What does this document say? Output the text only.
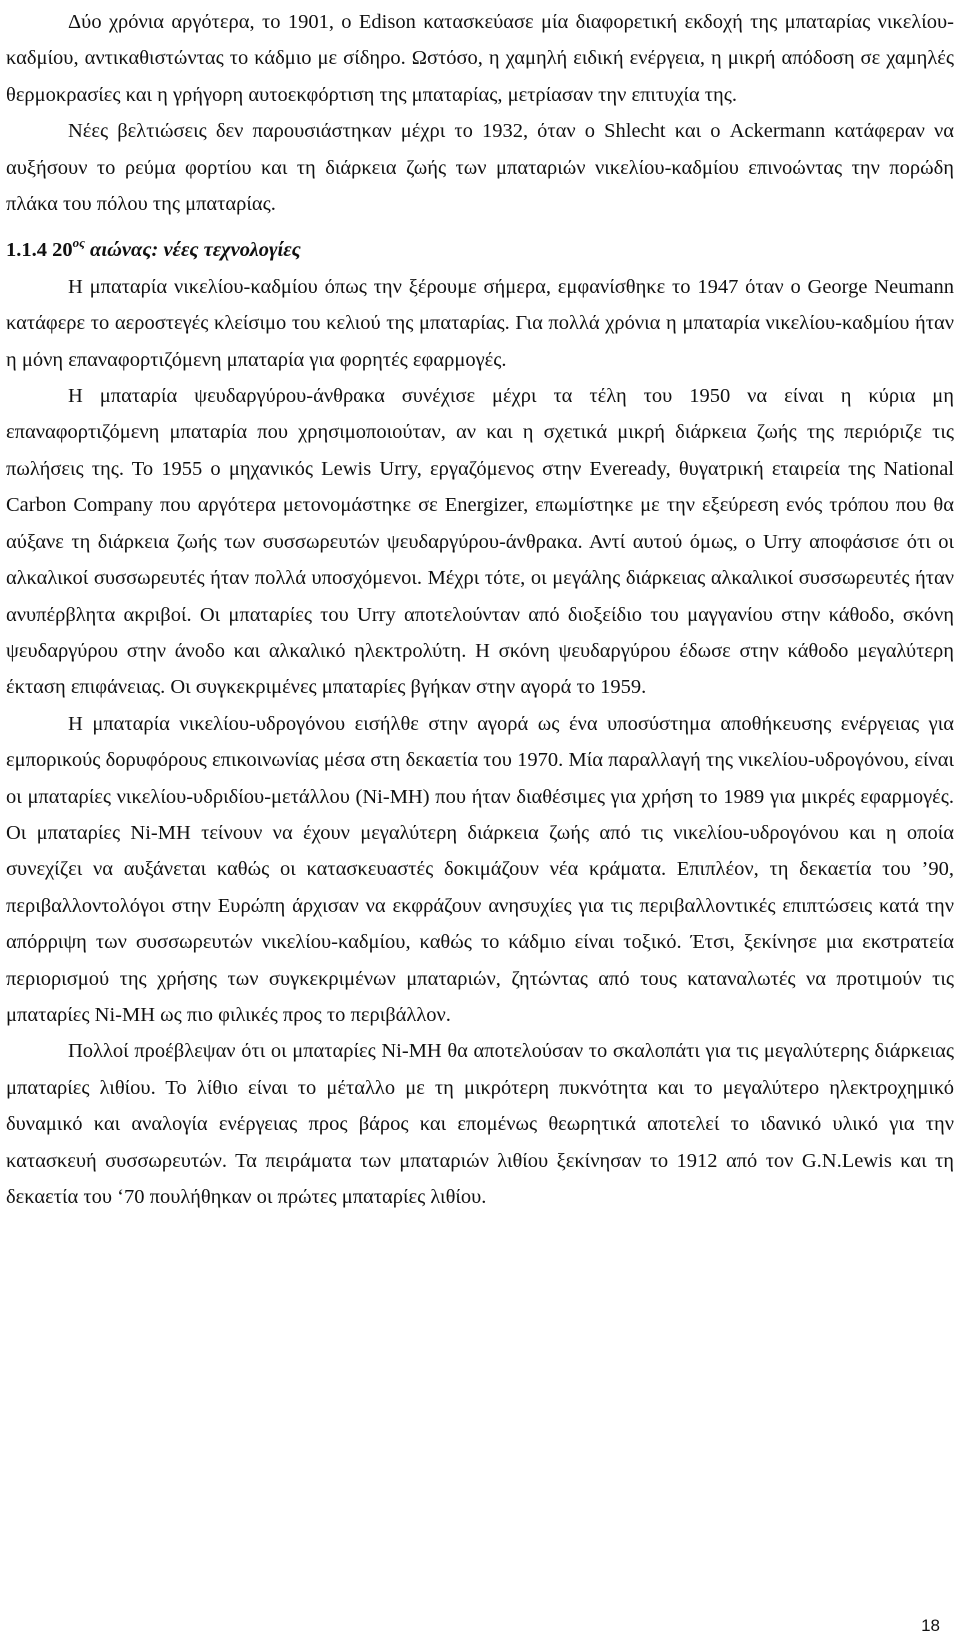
Δύο χρόνια αργότερα, το 1901, ο Edison κατασκεύασε μία διαφορετική εκδοχή της μπαταρίας νικελίου-καδμίου, αντικαθιστώντας το κάδμιο με σίδηρο. Ωστόσο, η χαμηλή ειδική ενέργεια, η μικρή απόδοση σε χαμηλές θερμοκρασίες και η γρήγορη αυτοεκφόρτιση της μπαταρίας, μετρίασαν την επιτυχία της.

Νέες βελτιώσεις δεν παρουσιάστηκαν μέχρι το 1932, όταν ο Shlecht και ο Ackermann κατάφεραν να αυξήσουν το ρεύμα φορτίου και τη διάρκεια ζωής των μπαταριών νικελίου-καδμίου επινοώντας την πορώδη πλάκα του πόλου της μπαταρίας.

1.1.4 $20^{o\varsigma}$ αιώνας: νέες τεχνολογίες

Η μπαταρία νικελίου-καδμίου όπως την ξέρουμε σήμερα, εμφανίσθηκε το 1947 όταν ο George Neumann κατάφερε το αεροστεγές κλείσιμο του κελιού της μπαταρίας. Για πολλά χρόνια η μπαταρία νικελίου-καδμίου ήταν η μόνη επαναφορτιζόμενη μπαταρία για φορητές εφαρμογές.

Η μπαταρία ψευδαργύρου-άνθρακα συνέχισε μέχρι τα τέλη του 1950 να είναι η κύρια μη επαναφορτιζόμενη μπαταρία που χρησιμοποιούταν, αν και η σχετικά μικρή διάρκεια ζωής της περιόριζε τις πωλήσεις της. Το 1955 ο μηχανικός Lewis Urry, εργαζόμενος στην Eveready, θυγατρική εταιρεία της National Carbon Company που αργότερα μετονομάστηκε σε Energizer, επωμίστηκε με την εξεύρεση ενός τρόπου που θα αύξανε τη διάρκεια ζωής των συσσωρευτών ψευδαργύρου-άνθρακα. Αντί αυτού όμως, ο Urry αποφάσισε ότι οι αλκαλικοί συσσωρευτές ήταν πολλά υποσχόμενοι. Μέχρι τότε, οι μεγάλης διάρκειας αλκαλικοί συσσωρευτές ήταν ανυπέρβλητα ακριβοί. Οι μπαταρίες του Urry αποτελούνταν από διοξείδιο του μαγγανίου στην κάθοδο, σκόνη ψευδαργύρου στην άνοδο και αλκαλικό ηλεκτρολύτη. Η σκόνη ψευδαργύρου έδωσε στην κάθοδο μεγαλύτερη έκταση επιφάνειας. Οι συγκεκριμένες μπαταρίες βγήκαν στην αγορά το 1959.

Η μπαταρία νικελίου-υδρογόνου εισήλθε στην αγορά ως ένα υποσύστημα αποθήκευσης ενέργειας για εμπορικούς δορυφόρους επικοινωνίας μέσα στη δεκαετία του 1970. Μία παραλλαγή της νικελίου-υδρογόνου, είναι οι μπαταρίες νικελίου-υδριδίου-μετάλλου (Ni-MH) που ήταν διαθέσιμες για χρήση το 1989 για μικρές εφαρμογές. Οι μπαταρίες Ni-MH τείνουν να έχουν μεγαλύτερη διάρκεια ζωής από τις νικελίου-υδρογόνου και η οποία συνεχίζει να αυξάνεται καθώς οι κατασκευαστές δοκιμάζουν νέα κράματα. Επιπλέον, τη δεκαετία του ’90, περιβαλλοντολόγοι στην Ευρώπη άρχισαν να εκφράζουν ανησυχίες για τις περιβαλλοντικές επιπτώσεις κατά την απόρριψη των συσσωρευτών νικελίου-καδμίου, καθώς το κάδμιο είναι τοξικό. Έτσι, ξεκίνησε μια εκστρατεία περιορισμού της χρήσης των συγκεκριμένων μπαταριών, ζητώντας από τους καταναλωτές να προτιμούν τις μπαταρίες Ni-MH ως πιο φιλικές προς το περιβάλλον.

Πολλοί προέβλεψαν ότι οι μπαταρίες Ni-MH θα αποτελούσαν το σκαλοπάτι για τις μεγαλύτερης διάρκειας μπαταρίες λιθίου. Το λίθιο είναι το μέταλλο με τη μικρότερη πυκνότητα και το μεγαλύτερο ηλεκτροχημικό δυναμικό και αναλογία ενέργειας προς βάρος και επομένως θεωρητικά αποτελεί το ιδανικό υλικό για την κατασκευή συσσωρευτών. Τα πειράματα των μπαταριών λιθίου ξεκίνησαν το 1912 από τον G.N.Lewis και τη δεκαετία του ‘70 πουλήθηκαν οι πρώτες μπαταρίες λιθίου.

18
